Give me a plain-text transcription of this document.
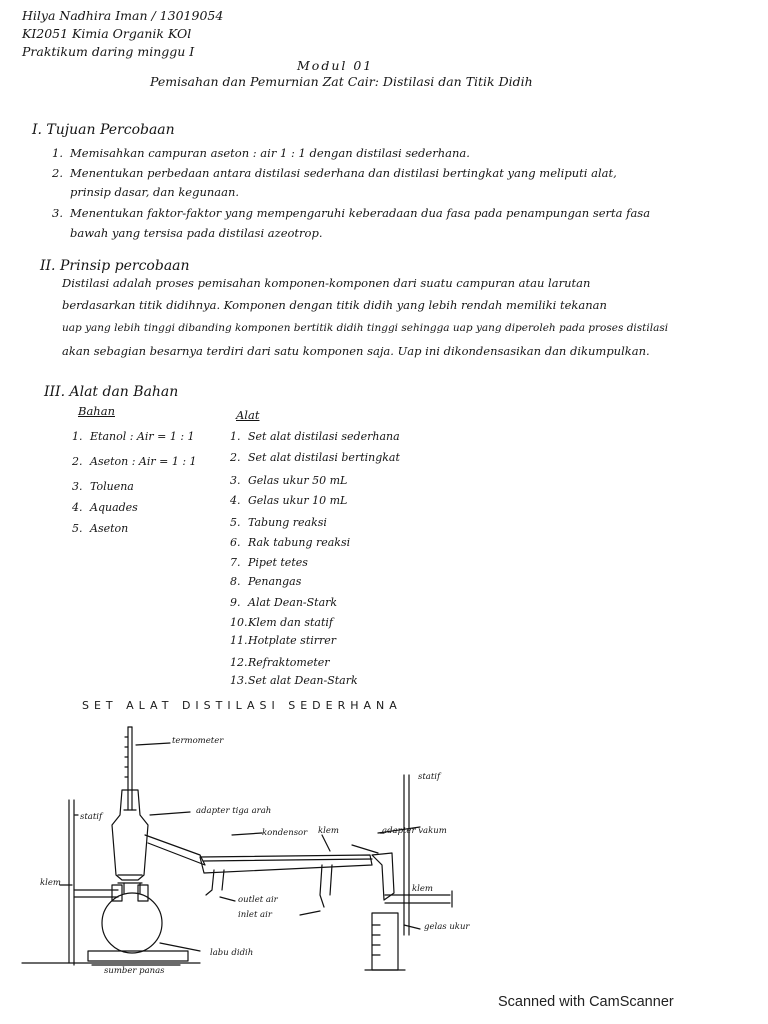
Hilya Nadhira Iman / 13019054
KI2051 Kimia Organik KOl
Praktikum daring minggu I
Modul 01
Pemisahan dan Pemurnian Zat Cair: Distilasi dan Titik Didih
I. Tujuan Percobaan
1. Memisahkan campuran aseton : air 1 : 1 dengan distilasi sederhana.
2. Menentukan perbedaan antara distilasi sederhana dan distilasi bertingkat yang meliputi alat,
prinsip dasar, dan kegunaan.
3. Menentukan faktor-faktor yang mempengaruhi keberadaan dua fasa pada penampungan serta fasa
bawah yang tersisa pada distilasi azeotrop.
II. Prinsip percobaan
Distilasi adalah proses pemisahan komponen-komponen dari suatu campuran atau larutan
berdasarkan titik didihnya. Komponen dengan titik didih yang lebih rendah memiliki tekanan
uap yang lebih tinggi dibanding komponen bertitik didih tinggi sehingga uap yang diperoleh pada proses distilasi
akan sebagian besarnya terdiri dari satu komponen saja. Uap ini dikondensasikan dan dikumpulkan.
III. Alat dan Bahan
Bahan	Alat
1. Etanol : Air = 1 : 1
2. Aseton : Air = 1 : 1
3. Toluena
4. Aquades
5. Aseton
1. Set alat distilasi sederhana
2. Set alat distilasi bertingkat
3. Gelas ukur 50 mL
4. Gelas ukur 10 mL
5. Tabung reaksi
6. Rak tabung reaksi
7. Pipet tetes
8. Penangas
9. Alat Dean-Stark
10.Klem dan statif
11.Hotplate stirrer
12.Refraktometer
13.Set alat Dean-Stark
SET ALAT DISTILASI SEDERHANA
termometer
statif
statif
adapter tiga arah
kondensor klem	adapter vakum
klem
klem
outlet air
inlet air
gelas ukur
labu didih
sumber panas
Scanned with CamScanner
